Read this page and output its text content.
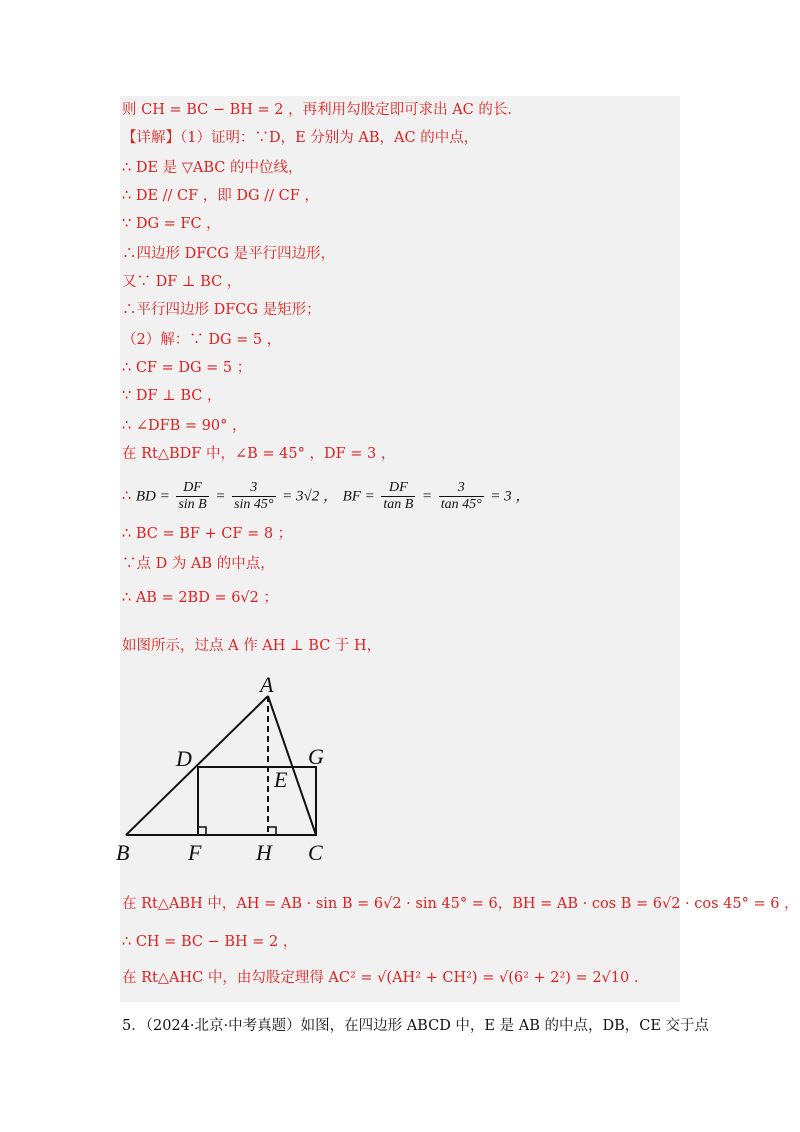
则 CH = BC − BH = 2 ，再利用勾股定即可求出 AC 的长.
【详解】（1）证明：∵D，E 分别为 AB，AC 的中点，
∴ DE 是 ▽ABC 的中位线，
∴ DE // CF ，即 DG // CF ，
∵ DG = FC ，
∴四边形 DFCG 是平行四边形，
又∵ DF ⊥ BC ，
∴平行四边形 DFCG 是矩形；
（2）解：∵ DG = 5 ，
∴ CF = DG = 5 ；
∵ DF ⊥ BC ，
∴ ∠DFB = 90° ，
在 Rt△BDF 中，∠B = 45° ，DF = 3 ，
∴ BC = BF + CF = 8 ；
∵点 D 为 AB 的中点，
∴ AB = 2BD = 6√2 ；
如图所示，过点 A 作 AH ⊥ BC 于 H，
在 Rt△ABH 中，AH = AB · sin B = 6√2 · sin 45° = 6，BH = AB · cos B = 6√2 · cos 45° = 6 ，
∴ CH = BC − BH = 2 ，
在 Rt△AHC 中，由勾股定理得 AC² = √(AH² + CH²) = √(6² + 2²) = 2√10 .
∴ BD = $\frac{DF}{\text{sin B}} = \frac{3}{\sin 45^\circ} = 3√2$ ， BF = $\frac{DF}{\text{tan B}} = \frac{3}{\tan 45^\circ} = 3$ ，
A
B	C
D
E
F
G
H
5．（2024·北京·中考真题）如图，在四边形 ABCD 中，E 是 AB 的中点，DB，CE 交于点
